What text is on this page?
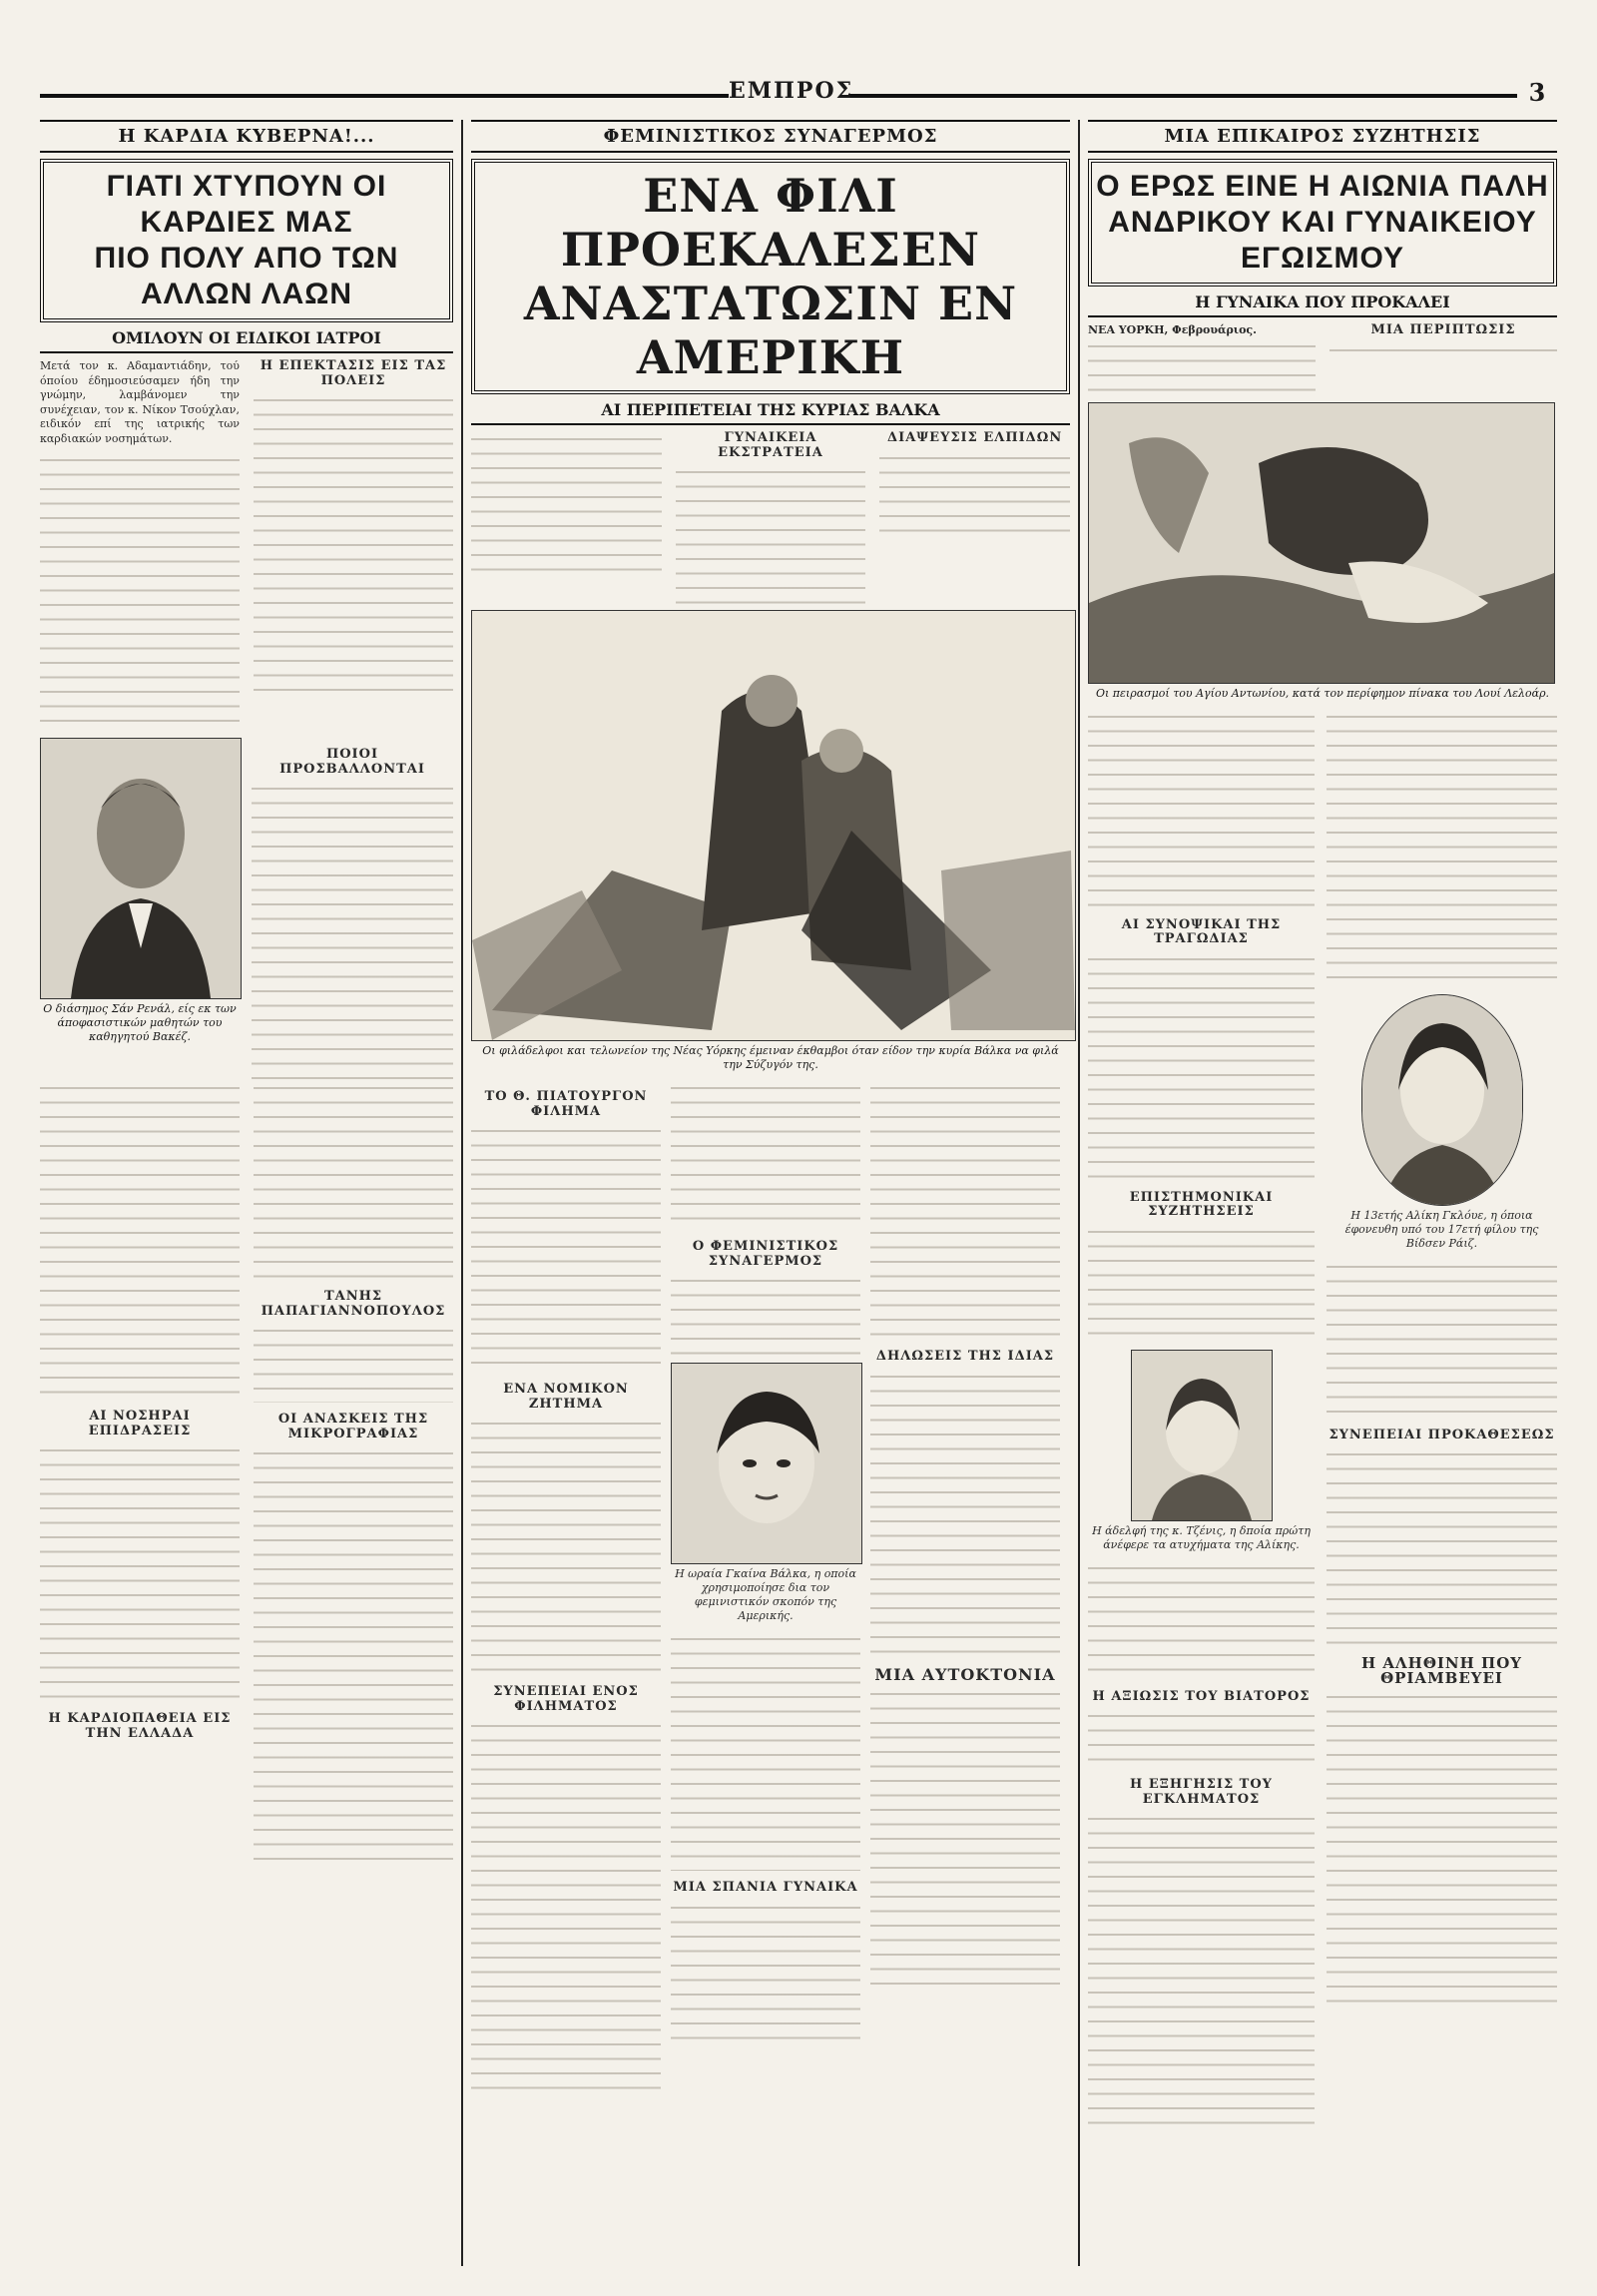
ΕΜΠΡΟΣ	3
Η ΚΑΡΔΙΑ ΚΥΒΕΡΝΑ!...
ΓΙΑΤΙ ΧΤΥΠΟΥΝ ΟΙ ΚΑΡΔΙΕΣ ΜΑΣ
ΠΙΟ ΠΟΛΥ ΑΠΟ ΤΩΝ ΑΛΛΩΝ ΛΑΩΝ
ΟΜΙΛΟΥΝ ΟΙ ΕΙΔΙΚΟΙ ΙΑΤΡΟΙ

Μετά τον κ. Αδαμαντιάδην, τού όποίου έδημοσιεύσαμεν ήδη την γνώμην, λαμβάνομεν την συνέχειαν, τον κ. Νίκον Τσούχλαν, ειδικόν επί της ιατρικής των καρδιακών νοσημάτων.

Η ΕΠΕΚΤΑΣΙΣ ΕΙΣ ΤΑΣ ΠΟΛΕΙΣ
Ο διάσημος Σάν Ρενάλ, είς εκ των άποφασιστικών μαθητών του καθηγητού Βακέζ.
ΠΟΙΟΙ ΠΡΟΣΒΑΛΛΟΝΤΑΙ
ΑΙ ΝΟΣΗΡΑΙ ΕΠΙΔΡΑΣΕΙΣ
Η ΚΑΡΔΙΟΠΑΘΕΙΑ ΕΙΣ ΤΗΝ ΕΛΛΑΔΑ
ΤΑΝΗΣ ΠΑΠΑΓΙΑΝΝΟΠΟΥΛΟΣ
ΟΙ ΑΝΑΣΚΕΙΣ ΤΗΣ ΜΙΚΡΟΓΡΑΦΙΑΣ
ΦΕΜΙΝΙΣΤΙΚΟΣ ΣΥΝΑΓΕΡΜΟΣ
ΕΝΑ ΦΙΛΙ ΠΡΟΕΚΑΛΕΣΕΝ
ΑΝΑΣΤΑΤΩΣΙΝ ΕΝ ΑΜΕΡΙΚΗ
ΑΙ ΠΕΡΙΠΕΤΕΙΑΙ ΤΗΣ ΚΥΡΙΑΣ ΒΑΛΚΑ
ΓΥΝΑΙΚΕΙΑ ΕΚΣΤΡΑΤΕΙΑ
ΔΙΑΨΕΥΣΙΣ ΕΛΠΙΔΩΝ
Οι φιλάδελφοι και τελωνείον της Νέας Υόρκης έμειναν έκθαμβοι όταν είδον την κυρία Βάλκα να φιλά την Σύζυγόν της.
ΤΟ Θ. ΠΙΑΤΟΥΡΓΟΝ ΦΙΛΗΜΑ
ΕΝΑ ΝΟΜΙΚΟΝ ΖΗΤΗΜΑ
ΣΥΝΕΠΕΙΑΙ ΕΝΟΣ ΦΙΛΗΜΑΤΟΣ
Ο ΦΕΜΙΝΙΣΤΙΚΟΣ ΣΥΝΑΓΕΡΜΟΣ
Η ωραία Γκαίνα Βάλκα, η οποία χρησιμοποίησε δια τον φεμινιστικόν σκοπόν της Αμερικής.
ΜΙΑ ΣΠΑΝΙΑ ΓΥΝΑΙΚΑ
ΔΗΛΩΣΕΙΣ ΤΗΣ ΙΔΙΑΣ
ΜΙΑ ΑΥΤΟΚΤΟΝΙΑ
ΜΙΑ ΕΠΙΚΑΙΡΟΣ ΣΥΖΗΤΗΣΙΣ
Ο ΕΡΩΣ ΕΙΝΕ Η ΑΙΩΝΙΑ ΠΑΛΗ
ΑΝΔΡΙΚΟΥ ΚΑΙ ΓΥΝΑΙΚΕΙΟΥ ΕΓΩΙΣΜΟΥ
Η ΓΥΝΑΙΚΑ ΠΟΥ ΠΡΟΚΑΛΕΙ
ΝΕΑ ΥΟΡΚΗ, Φεβρουάριος.	ΜΙΑ ΠΕΡΙΠΤΩΣΙΣ
Οι πειρασμοί του Αγίου Αντωνίου, κατά τον περίφημον πίνακα του Λουί Λελοάρ.
ΑΙ ΣΥΝΟΨΙΚΑΙ ΤΗΣ ΤΡΑΓΩΔΙΑΣ
ΕΠΙΣΤΗΜΟΝΙΚΑΙ ΣΥΖΗΤΗΣΕΙΣ
Η άδελφή της κ. Τζένις, η δποία πρώτη άνέφερε τα ατυχήματα της Αλίκης.
Η ΑΞΙΩΣΙΣ ΤΟΥ ΒΙΑΤΟΡΟΣ
Η ΕΞΗΓΗΣΙΣ ΤΟΥ ΕΓΚΛΗΜΑΤΟΣ
Η 13ετής Αλίκη Γκλόυε, η όποια έφονευθη υπό του 17ετή φίλου της Βίδσεν Ράιζ.
ΣΥΝΕΠΕΙΑΙ ΠΡΟΚΑΘΕΣΕΩΣ
Η ΑΛΗΘΙΝΗ ΠΟΥ ΘΡΙΑΜΒΕΥΕΙ
